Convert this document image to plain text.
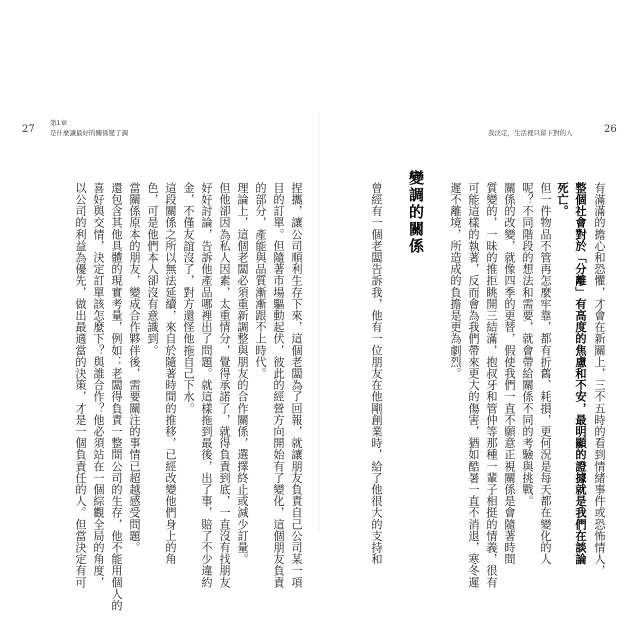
27
第1章
是什麼讓最好的關係變了調	我決定，生活裡只留下對的人	26
捏攜，讓公司順利生存下來，這個老闆為了回報，就讓朋友負責自己公司某一項
目的訂單。但隨著市場驅動起伏，彼此的經營方向開始有了變化，這個朋友負責
的部分，產能與品質漸漸跟不上時代。
理論上，這個老闆必須重新調整與朋友的合作關係，選擇終止或減少訂量。
但他卻因為私人因素，太重情分，覺得承諾了，就得負責到底，一直沒有找朋友
好好討論，告訴他產品哪裡出了問題。就這樣拖到最後，出了事，賠了不少違約
金，不僅友誼沒了，對方還怪他拖自己下水。
這段關係之所以無法延續，來自於隨著時間的推移，已經改變他們身上的角
色，可是他們本人卻沒有意識到。
當關係原本的朋友，變成合作夥伴後，需要關注的事情已超越感受問題。
還包含其他具體的現實考量，例如：老闆得負責一整間公司的生存，他不能用個人的
喜好與交情，決定訂單該怎麼下？與誰合作？他必須站在一個綜觀全局的角度，
以公司的利益為優先，做出最適當的決策，才是一個負責任的人。但當決定有可	有滿滿的擔心和恐懼，才會在新關上，三不五時的看到情緒事件或恐怖情人，
整個社會對於「分離」有高度的焦慮和不安，最明顯的證據就是我們在談論
死亡。
但一件物品不管再怎麼牢靠，都有折舊、耗損，更何況是每天都在變化的人
呢？不同階段的想法和需要，就會帶給關係不同的考驗與挑戰。
關係的改變，就像四季的更替，假使我們一直不願意正視關係是會隨著時間
質變的，一昧的推拒眺開三結滿，抱叔牙和管仲等那種一輩子相挺的情義，很有
可能這樣的執著，反而會為我們帶來更大的傷害，猶如酷暑一直不消退，寒冬遲
遲不離境，所造成的負擔是更為劇烈。
變調的關係
曾經有一個老闆告訴我，他有一位朋友在他剛創業時，給了他很大的支持和
